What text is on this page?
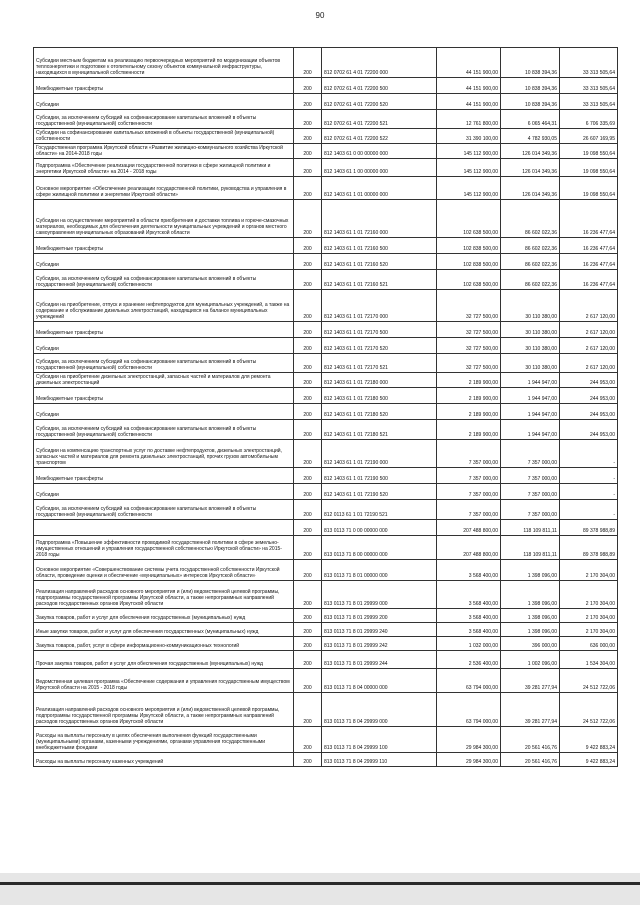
90
Субсидии местным бюджетам на реализацию первоочередных мероприятий по модернизации объектов теплоэнергетики и подготовке к отопительному сезону объектов коммунальной инфраструктуры, находящихся в муниципальной собственности	200	812 0702 61 4 01 72200 000	44 151 900,00	10 838 394,36	33 313 505,64
Межбюджетные трансферты	200	812 0702 61 4 01 72200 500	44 151 900,00	10 838 394,36	33 313 505,64
Субсидии	200	812 0702 61 4 01 72200 520	44 151 900,00	10 838 394,36	33 313 505,64
Субсидии, за исключением субсидий на софинансирование капитальных вложений в объекты государственной (муниципальной) собственности	200	812 0702 61 4 01 72200 521	12 761 800,00	6 065 464,31	6 706 335,69
Субсидии на софинансирование капитальных вложений в объекты государственной (муниципальной) собственности	200	812 0702 61 4 01 72200 522	31 390 100,00	4 782 930,05	26 607 169,95
Государственная программа Иркутской области «Развитие жилищно-коммунального хозяйства Иркутской области» на 2014-2018 годы	200	812 1403 61 0 00 00000 000	145 112 900,00	126 014 349,36	19 098 550,64
Подпрограмма «Обеспечение реализации государственной политики в сфере жилищной политики и энергетики Иркутской области» на 2014 - 2018 годы	200	812 1403 61 1 00 00000 000	145 112 900,00	126 014 349,36	19 098 550,64
Основное мероприятие «Обеспечение реализации государственной политики, руководства и управления в сфере жилищной политики и энергетики Иркутской области»	200	812 1403 61 1 01 00000 000	145 112 900,00	126 014 349,36	19 098 550,64
Субсидии на осуществление мероприятий в области приобретения и доставки топлива и горюче-смазочных материалов, необходимых для обеспечения деятельности муниципальных учреждений и органов местного самоуправления муниципальных образований Иркутской области	200	812 1403 61 1 01 72160 000	102 638 500,00	86 602 022,36	16 236 477,64
Межбюджетные трансферты	200	812 1403 61 1 01 72160 500	102 838 500,00	86 602 022,36	16 236 477,64
Субсидии	200	812 1403 61 1 01 72160 520	102 838 500,00	86 602 022,36	16 236 477,64
Субсидии, за исключением субсидий на софинансирование капитальных вложений в объекты государственной (муниципальной) собственности	200	812 1403 61 1 01 72160 521	102 638 500,00	86 602 022,36	16 236 477,64
Субсидии на приобретение, отпуск и хранение нефтепродуктов для муниципальных учреждений, а также на содержание и обслуживание дизельных электростанций, находящихся на балансе муниципальных учреждений	200	812 1403 61 1 01 72170 000	32 727 500,00	30 110 380,00	2 617 120,00
Межбюджетные трансферты	200	812 1403 61 1 01 72170 500	32 727 500,00	30 110 380,00	2 617 120,00
Субсидии	200	812 1403 61 1 01 72170 520	32 727 500,00	30 110 380,00	2 617 120,00
Субсидии, за исключением субсидий на софинансирование капитальных вложений в объекты государственной (муниципальной) собственности	200	812 1403 61 1 01 72170 521	32 727 500,00	30 110 380,00	2 617 120,00
Субсидии на приобретение дизельных электростанций, запасных частей и материалов для ремонта дизельных электростанций	200	812 1403 61 1 01 72180 000	2 189 900,00	1 944 947,00	244 953,00
Межбюджетные трансферты	200	812 1403 61 1 01 72180 500	2 189 900,00	1 944 947,00	244 953,00
Субсидии	200	812 1403 61 1 01 72180 520	2 189 900,00	1 944 947,00	244 953,00
Субсидии, за исключением субсидий на софинансирование капитальных вложений в объекты государственной (муниципальной) собственности	200	812 1403 61 1 01 72180 521	2 189 900,00	1 944 947,00	244 953,00
Субсидии на компенсацию транспортных услуг по доставке нефтепродуктов, дизельных электростанций, запасных частей и материалов для ремонта дизельных электростанций, прочих грузов автомобильным транспортом	200	812 1403 61 1 01 72190 000	7 357 000,00	7 357 000,00	-
Межбюджетные трансферты	200	812 1403 61 1 01 72190 500	7 357 000,00	7 357 000,00	-
Субсидии	200	812 1403 61 1 01 72190 520	7 357 000,00	7 357 000,00	-
Субсидии, за исключением субсидий на софинансирование капитальных вложений в объекты государственной (муниципальной) собственности	200	812 0113 61 1 01 72190 521	7 357 000,00	7 357 000,00	-
	200	813 0113 71 0 00 00000 000	207 488 800,00	118 109 811,11	89 378 988,89
Подпрограмма «Повышение эффективности проводимой государственной политики в сфере земельно-имущественных отношений и управления государственной собственностью Иркутской области» на 2015-2018 годы	200	813 0113 71 8 00 00000 000	207 488 800,00	118 109 811,11	89 378 988,89
Основное мероприятие «Совершенствование системы учета государственной собственности Иркутской области, проведение оценки и обеспечение «муниципальных» интересов Иркутской области»	200	813 0113 71 8 01 00000 000	3 568 400,00	1 398 096,00	2 170 304,00
Реализация направлений расходов основного мероприятия и (или) ведомственной целевой программы, подпрограммы государственной программы Иркутской области, а также непрограммных направлений расходов государственных органов Иркутской области	200	813 0113 71 8 01 29999 000	3 568 400,00	1 398 096,00	2 170 304,00
Закупка товаров, работ и услуг для обеспечения государственных (муниципальных) нужд	200	813 0113 71 8 01 29999 200	3 568 400,00	1 398 096,00	2 170 304,00
Иные закупки товаров, работ и услуг для обеспечения государственных (муниципальных) нужд	200	813 0113 71 8 01 29999 240	3 568 400,00	1 398 096,00	2 170 304,00
Закупка товаров, работ, услуг в сфере информационно-коммуникационных технологий	200	813 0113 71 8 01 29999 242	1 032 000,00	396 000,00	636 000,00
Прочая закупка товаров, работ и услуг для обеспечения государственных (муниципальных) нужд	200	813 0113 71 8 01 29999 244	2 536 400,00	1 002 096,00	1 534 304,00
Ведомственная целевая программа «Обеспечение содержания и управления государственным имуществом Иркутской области на 2015 - 2018 годы	200	813 0113 71 8 04 00000 000	63 794 000,00	39 281 277,94	24 512 722,06
Реализация направлений расходов основного мероприятия и (или) ведомственной целевой программы, подпрограммы государственной программы Иркутской области, а также непрограммных направлений расходов государственных органов Иркутской области	200	813 0113 71 8 04 29999 000	63 794 000,00	39 281 277,94	24 512 722,06
Расходы на выплаты персоналу в целях обеспечения выполнения функций государственными (муниципальными) органами, казенными учреждениями, органами управления государственными внебюджетными фондами	200	813 0113 71 8 04 29999 100	29 984 300,00	20 561 416,76	9 422 883,24
Расходы на выплаты персоналу казенных учреждений	200	813 0113 71 8 04 29999 110	29 984 300,00	20 561 416,76	9 422 883,24
